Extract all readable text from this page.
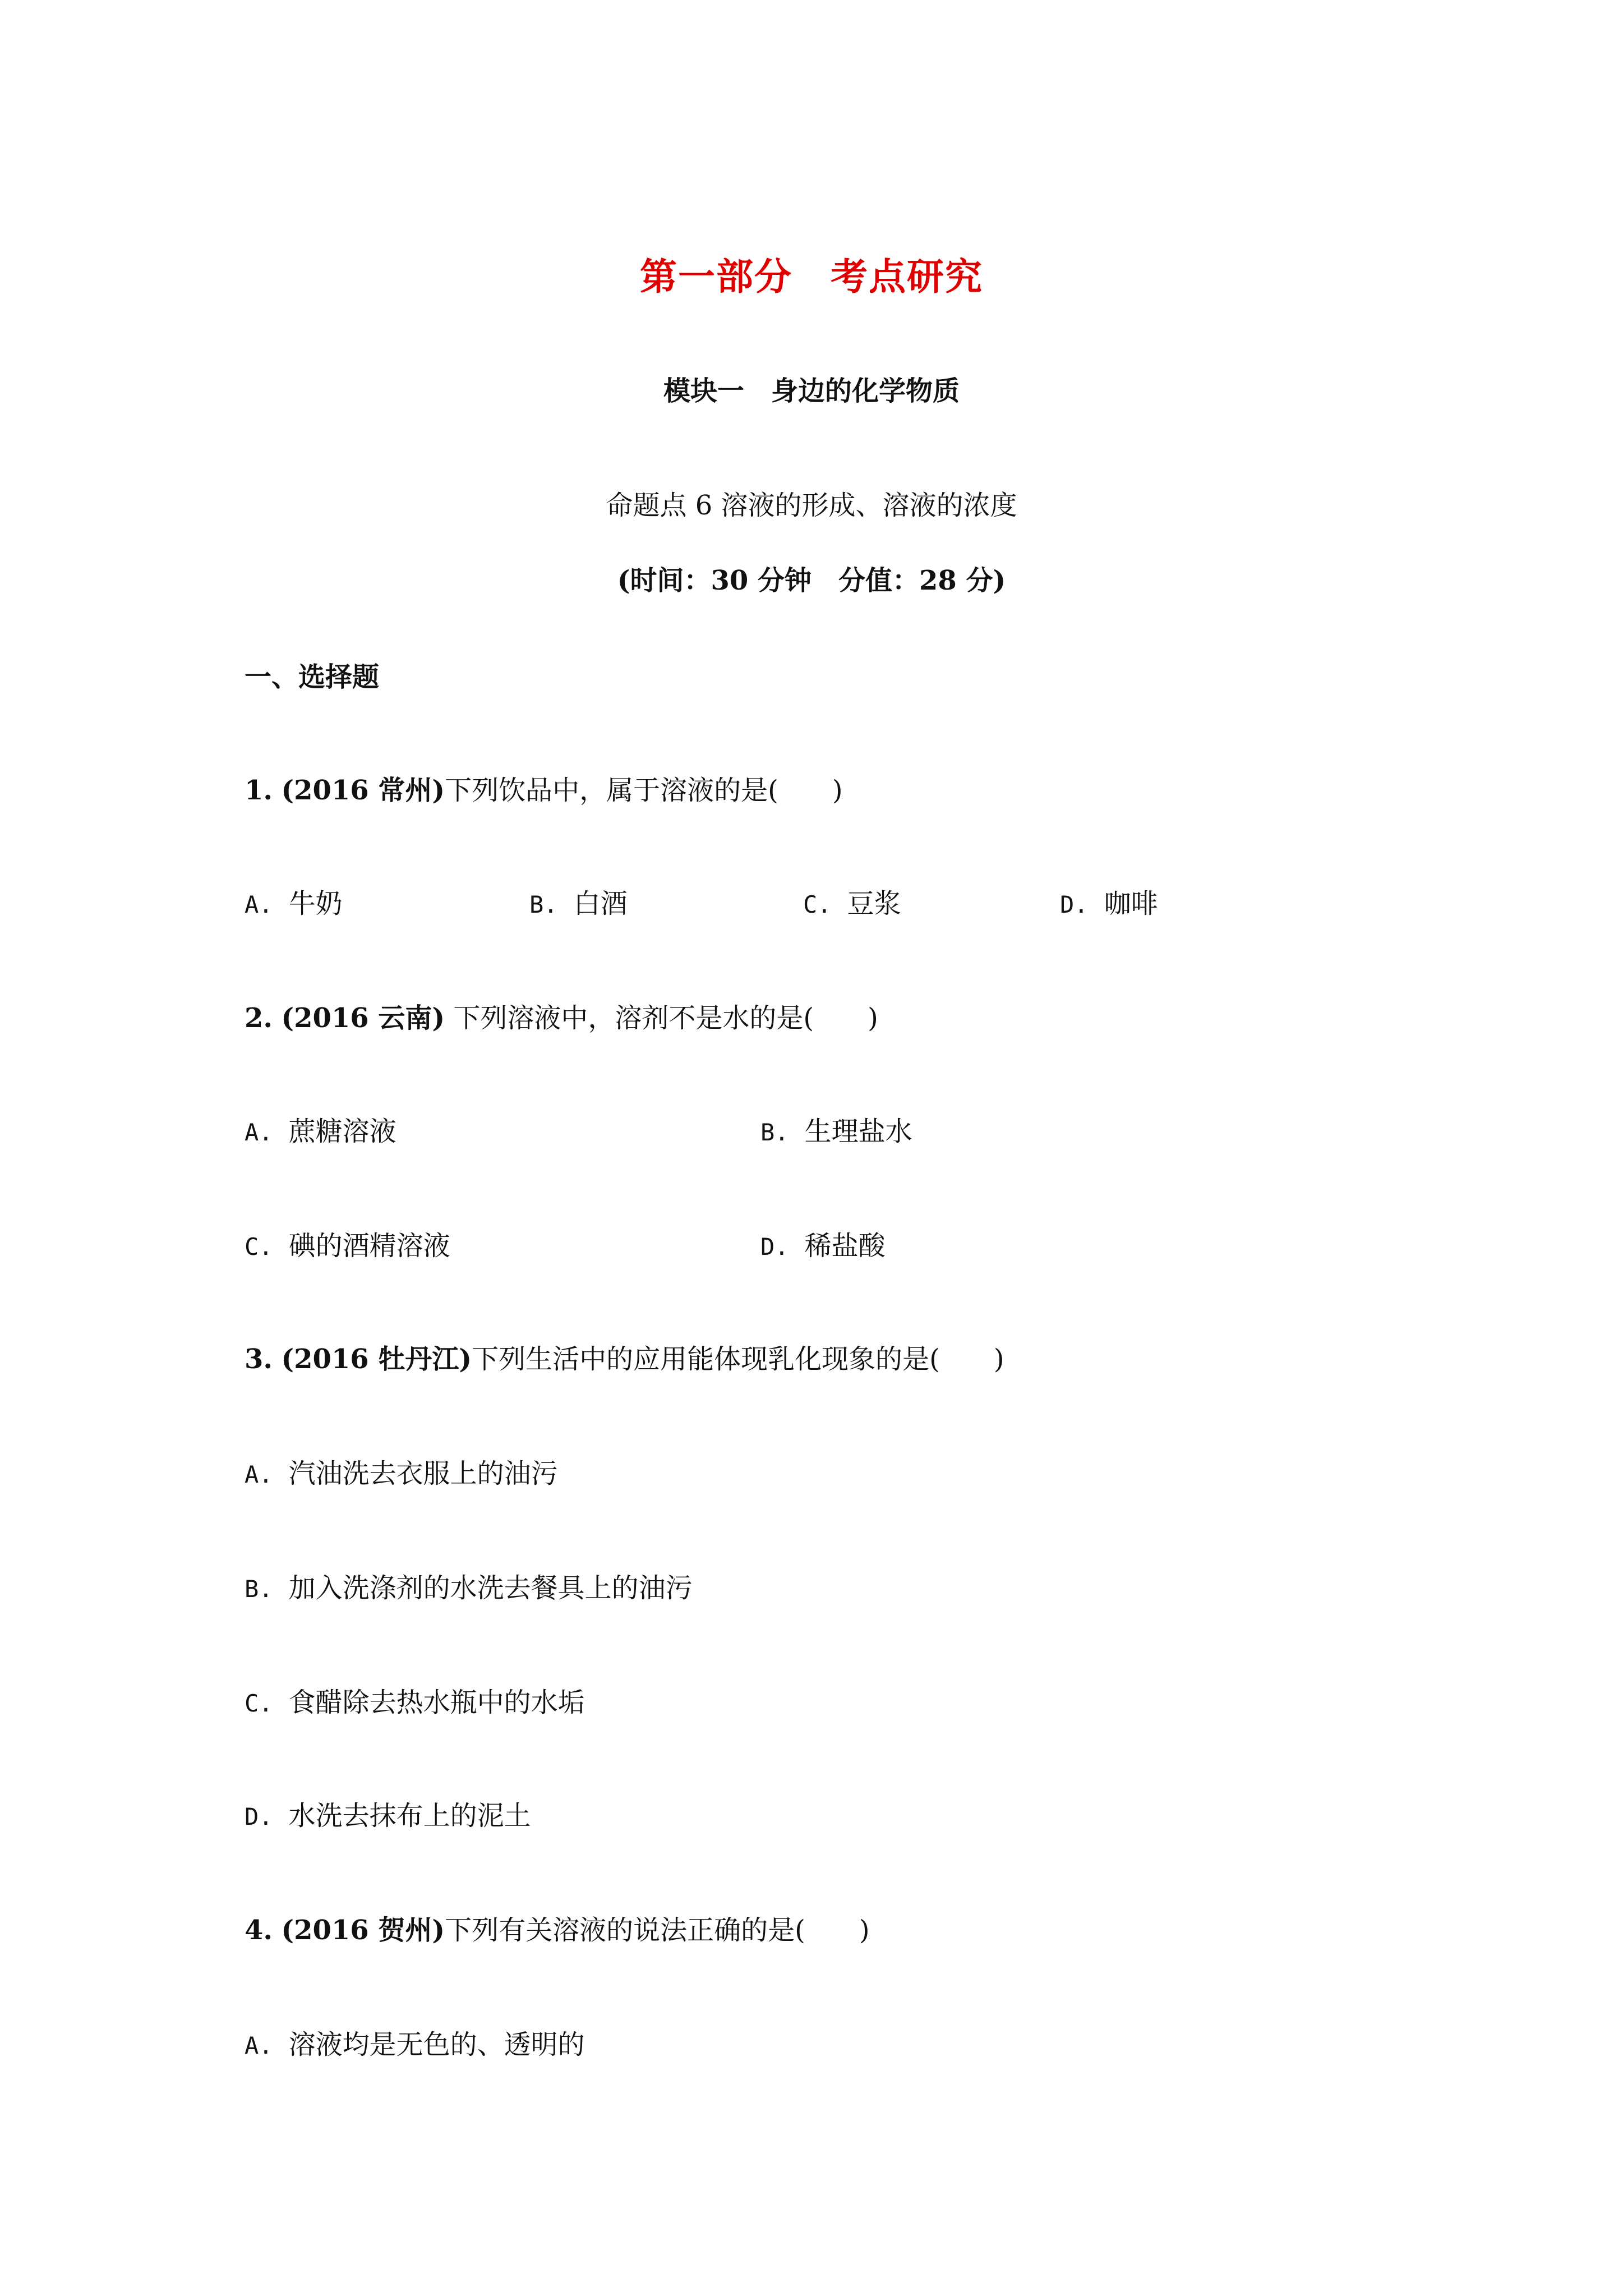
第一部分　考点研究
模块一　身边的化学物质
命题点 6 溶液的形成、溶液的浓度
(时间：30 分钟　分值：28 分)
一、选择题
1. (2016 常州)下列饮品中，属于溶液的是(　　)
A. 牛奶	B. 白酒	C. 豆浆	D. 咖啡
2. (2016 云南) 下列溶液中，溶剂不是水的是(　　)
A. 蔗糖溶液	B. 生理盐水
C. 碘的酒精溶液	D. 稀盐酸
3. (2016 牡丹江)下列生活中的应用能体现乳化现象的是(　　)
A. 汽油洗去衣服上的油污
B. 加入洗涤剂的水洗去餐具上的油污
C. 食醋除去热水瓶中的水垢
D. 水洗去抹布上的泥土
4. (2016 贺州)下列有关溶液的说法正确的是(　　)
A. 溶液均是无色的、透明的
